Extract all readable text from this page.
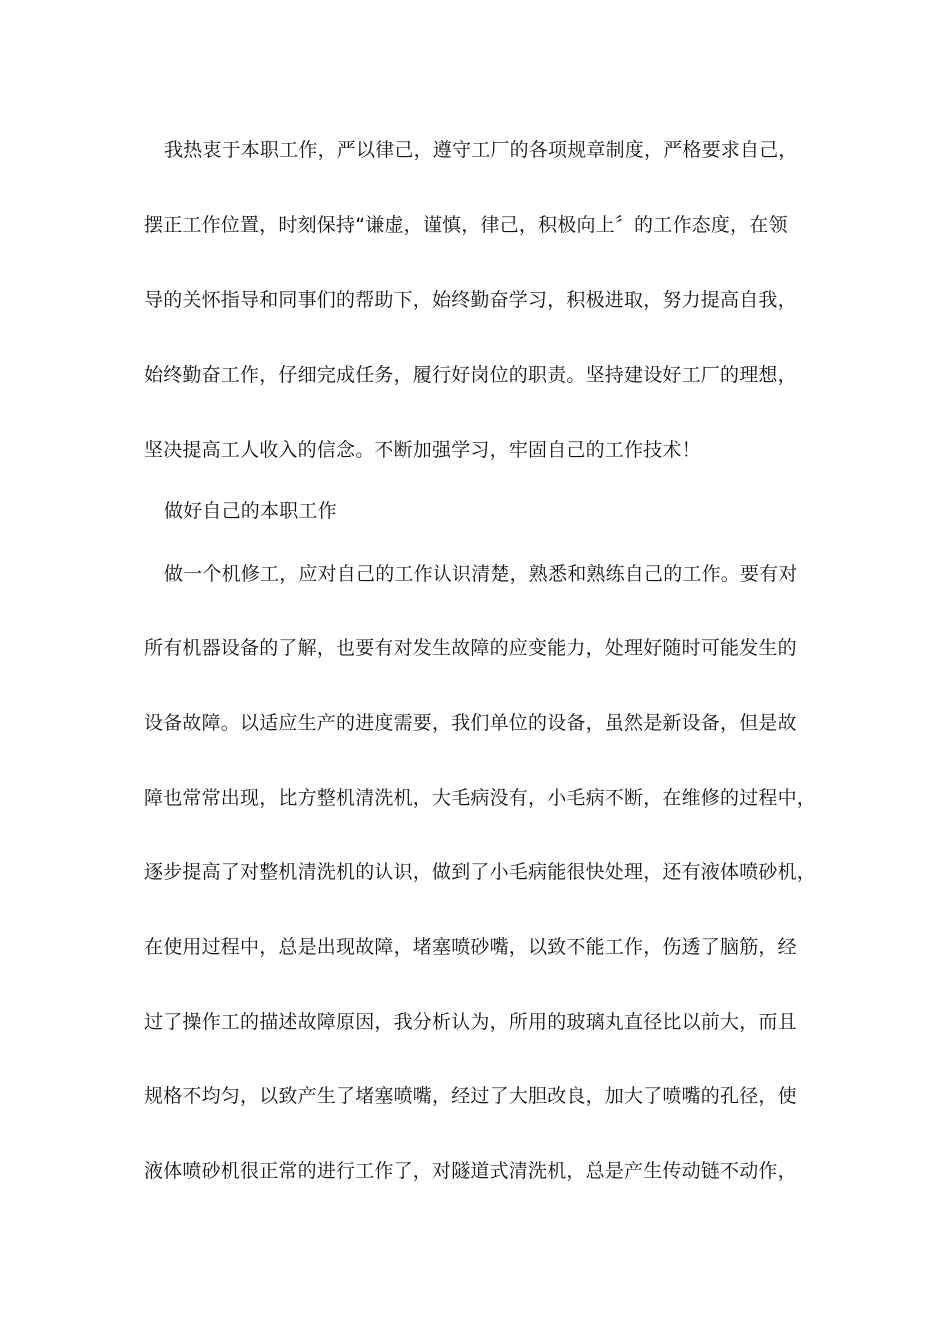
我热衷于本职工作，严以律己，遵守工厂的各项规章制度，严格要求自己，
摆正工作位置，时刻保持“谦虚，谨慎，律己，积极向上〞的工作态度，在领
导的关怀指导和同事们的帮助下，始终勤奋学习，积极进取，努力提高自我，
始终勤奋工作，仔细完成任务，履行好岗位的职责。坚持建设好工厂的理想，
坚决提高工人收入的信念。不断加强学习，牢固自己的工作技术！
做好自己的本职工作
做一个机修工，应对自己的工作认识清楚，熟悉和熟练自己的工作。要有对
所有机器设备的了解，也要有对发生故障的应变能力，处理好随时可能发生的
设备故障。以适应生产的进度需要，我们单位的设备，虽然是新设备，但是故
障也常常出现，比方整机清洗机，大毛病没有，小毛病不断，在维修的过程中，
逐步提高了对整机清洗机的认识，做到了小毛病能很快处理，还有液体喷砂机，
在使用过程中，总是出现故障，堵塞喷砂嘴，以致不能工作，伤透了脑筋，经
过了操作工的描述故障原因，我分析认为，所用的玻璃丸直径比以前大，而且
规格不均匀，以致产生了堵塞喷嘴，经过了大胆改良，加大了喷嘴的孔径，使
液体喷砂机很正常的进行工作了，对隧道式清洗机，总是产生传动链不动作，
